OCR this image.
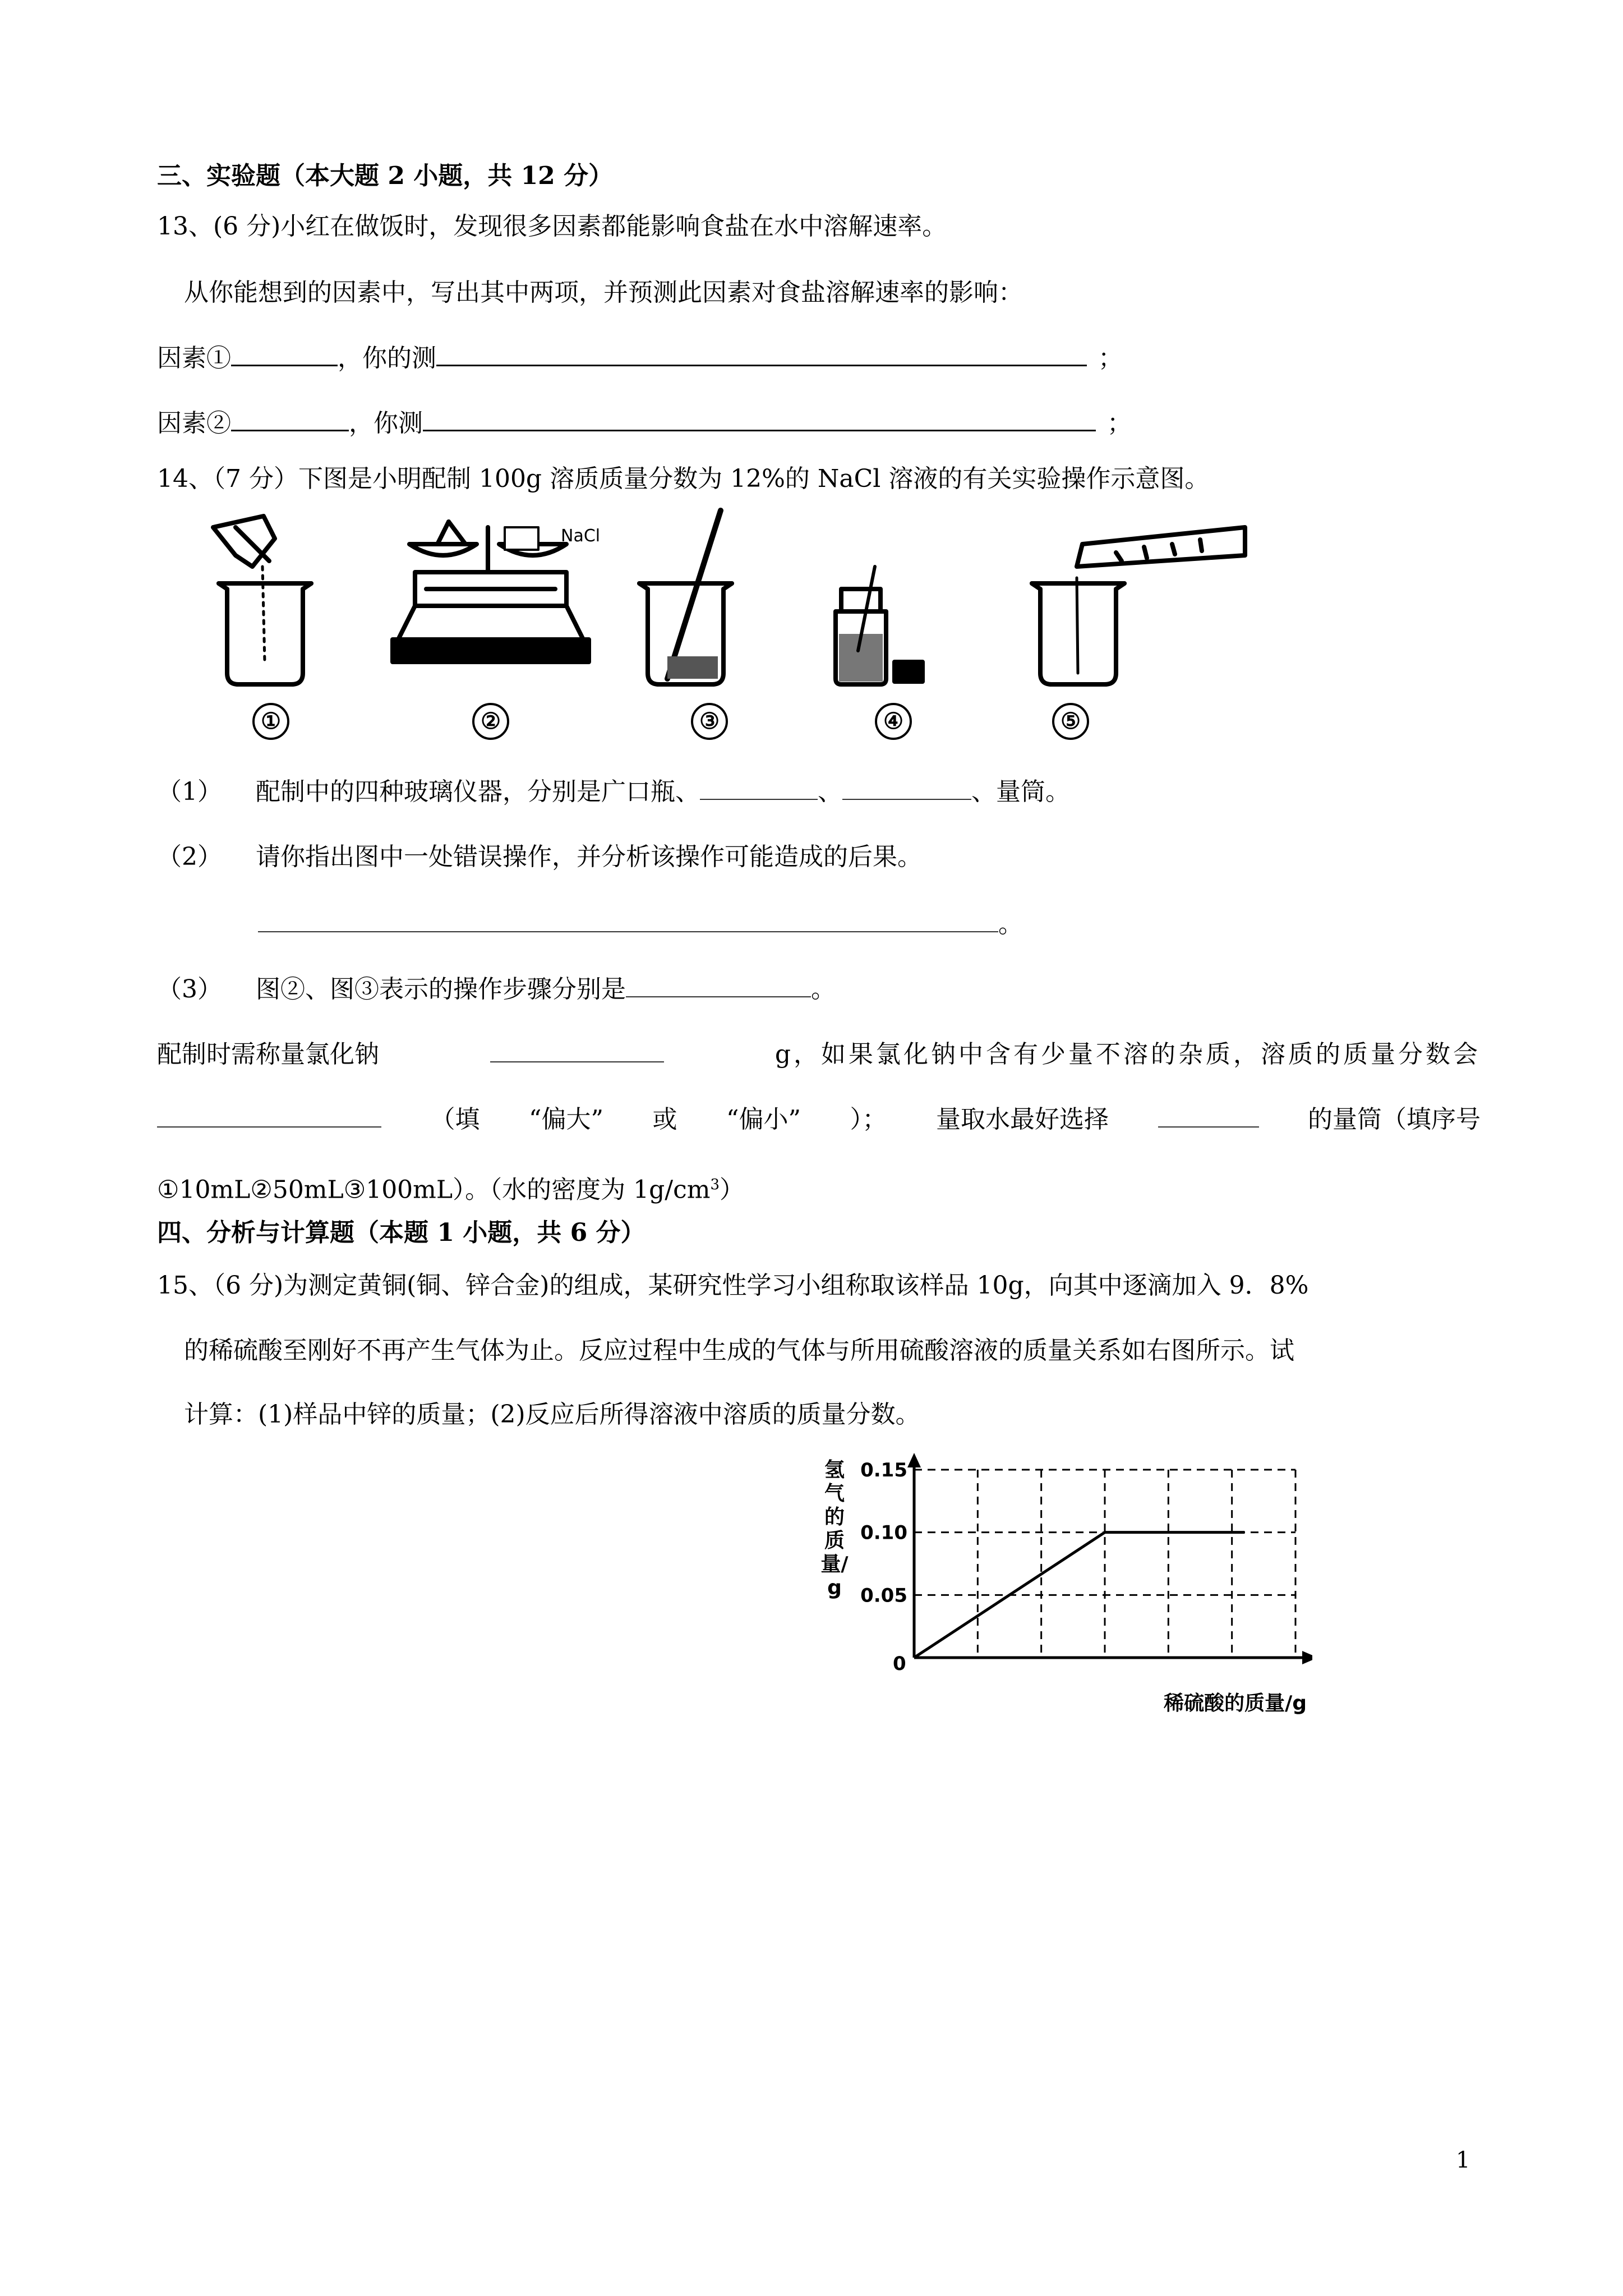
三、实验题（本大题 2 小题，共 12 分）
13、(6 分)小红在做饭时，发现很多因素都能影响食盐在水中溶解速率。
从你能想到的因素中，写出其中两项，并预测此因素对食盐溶解速率的影响：
因素①	，你的测	；
因素②	，你测	；
14、（7 分）下图是小明配制 100g 溶质质量分数为 12%的 NaCl 溶液的有关实验操作示意图。
NaCl
①	②	③	④	⑤
（1） 配制中的四种玻璃仪器，分别是广口瓶、	、	、量筒。
（2） 请你指出图中一处错误操作，并分析该操作可能造成的后果。
。
（3） 图②、图③表示的操作步骤分别是	。
配制时需称量氯化钠	g，如果氯化钠中含有少量不溶的杂质，溶质的质量分数会
（填 “偏大” 或 “偏小” ）； 量取水最好选择	的量筒（填序号
①10mL②50mL③100mL）。（水的密度为 $1g/cm^3$）
四、分析与计算题（本题 1 小题，共 6 分）
15、（6 分)为测定黄铜(铜、锌合金)的组成，某研究性学习小组称取该样品 10g，向其中逐滴加入 9．8%
的稀硫酸至刚好不再产生气体为止。反应过程中生成的气体与所用硫酸溶液的质量关系如右图所示。试
计算：(1)样品中锌的质量；(2)反应后所得溶液中溶质的质量分数。
0.15
0.10
0.05
氢气的质量/g
稀硫酸的质量/g
0
1
